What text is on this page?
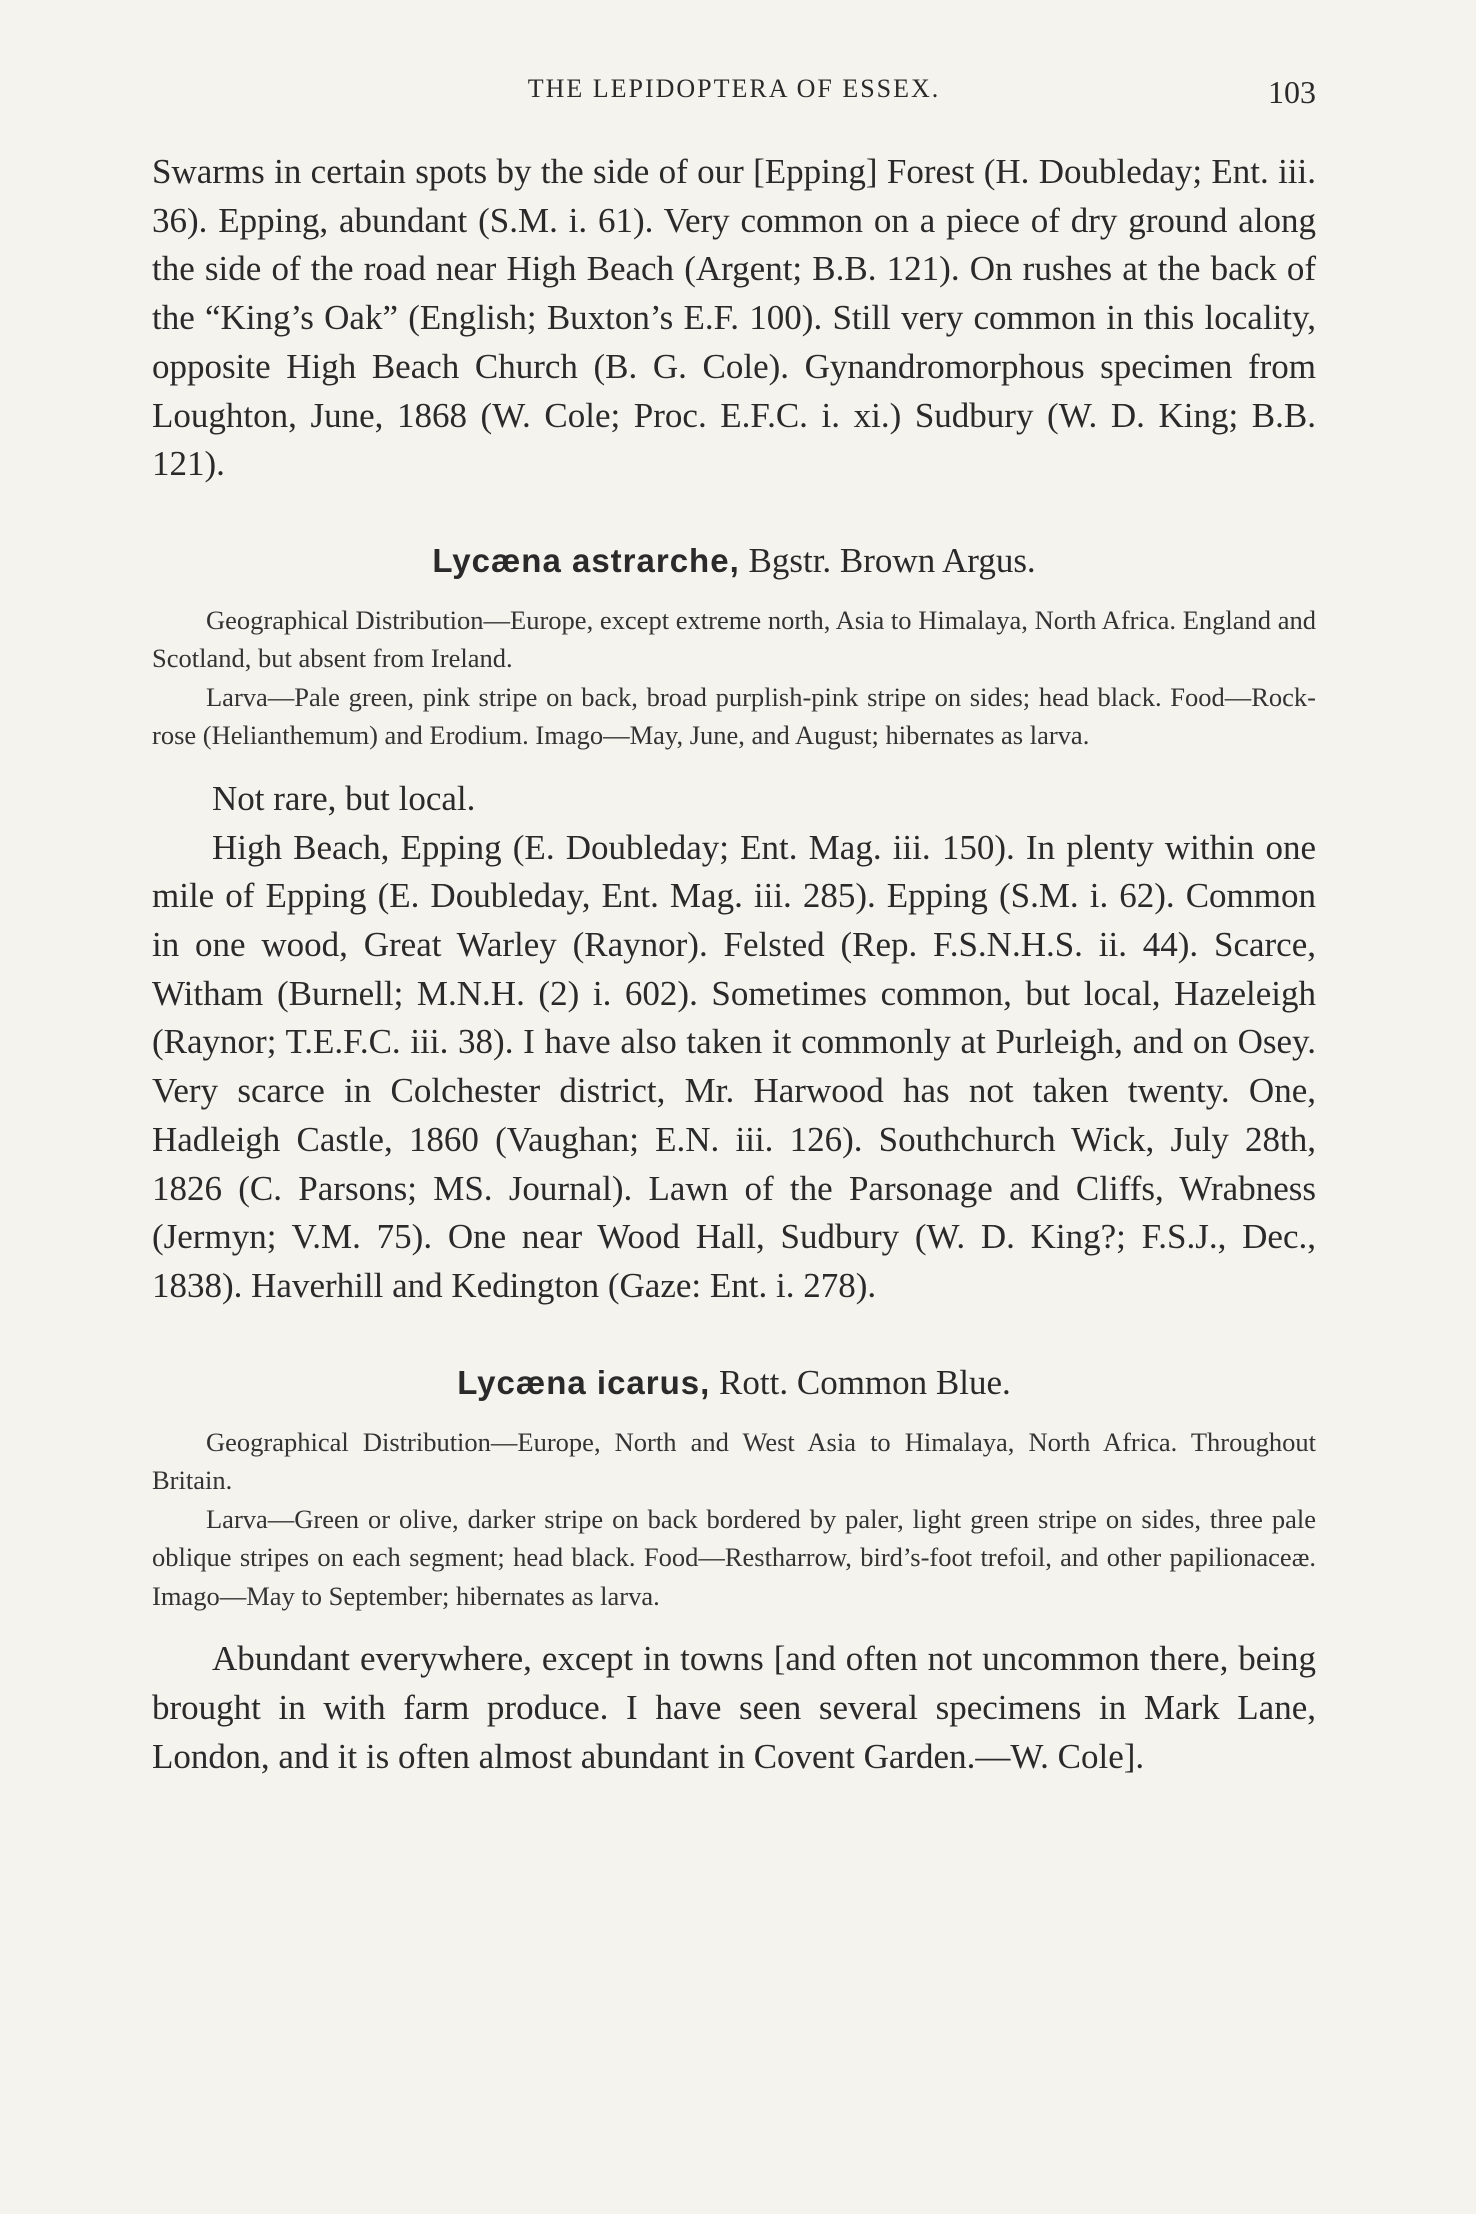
THE LEPIDOPTERA OF ESSEX.	103

Swarms in certain spots by the side of our [Epping] Forest (H. Doubleday; Ent. iii. 36). Epping, abundant (S.M. i. 61). Very common on a piece of dry ground along the side of the road near High Beach (Argent; B.B. 121). On rushes at the back of the “King’s Oak” (English; Buxton’s E.F. 100). Still very common in this locality, opposite High Beach Church (B. G. Cole). Gynandromorphous specimen from Loughton, June, 1868 (W. Cole; Proc. E.F.C. i. xi.) Sudbury (W. D. King; B.B. 121).

Lycæna astrarche, Bgstr. Brown Argus.

Geographical Distribution—Europe, except extreme north, Asia to Himalaya, North Africa. England and Scotland, but absent from Ireland.

Larva—Pale green, pink stripe on back, broad purplish-pink stripe on sides; head black. Food—Rock-rose (Helianthemum) and Erodium. Imago—May, June, and August; hibernates as larva.

Not rare, but local.

High Beach, Epping (E. Doubleday; Ent. Mag. iii. 150). In plenty within one mile of Epping (E. Doubleday, Ent. Mag. iii. 285). Epping (S.M. i. 62). Common in one wood, Great Warley (Raynor). Felsted (Rep. F.S.N.H.S. ii. 44). Scarce, Witham (Burnell; M.N.H. (2) i. 602). Sometimes common, but local, Hazeleigh (Raynor; T.E.F.C. iii. 38). I have also taken it commonly at Purleigh, and on Osey. Very scarce in Colchester district, Mr. Harwood has not taken twenty. One, Hadleigh Castle, 1860 (Vaughan; E.N. iii. 126). Southchurch Wick, July 28th, 1826 (C. Parsons; MS. Journal). Lawn of the Parsonage and Cliffs, Wrabness (Jermyn; V.M. 75). One near Wood Hall, Sudbury (W. D. King?; F.S.J., Dec., 1838). Haverhill and Kedington (Gaze: Ent. i. 278).

Lycæna icarus, Rott. Common Blue.

Geographical Distribution—Europe, North and West Asia to Himalaya, North Africa. Throughout Britain.

Larva—Green or olive, darker stripe on back bordered by paler, light green stripe on sides, three pale oblique stripes on each segment; head black. Food—Restharrow, bird’s-foot trefoil, and other papilionaceæ. Imago—May to September; hibernates as larva.

Abundant everywhere, except in towns [and often not uncommon there, being brought in with farm produce. I have seen several specimens in Mark Lane, London, and it is often almost abundant in Covent Garden.—W. Cole].
